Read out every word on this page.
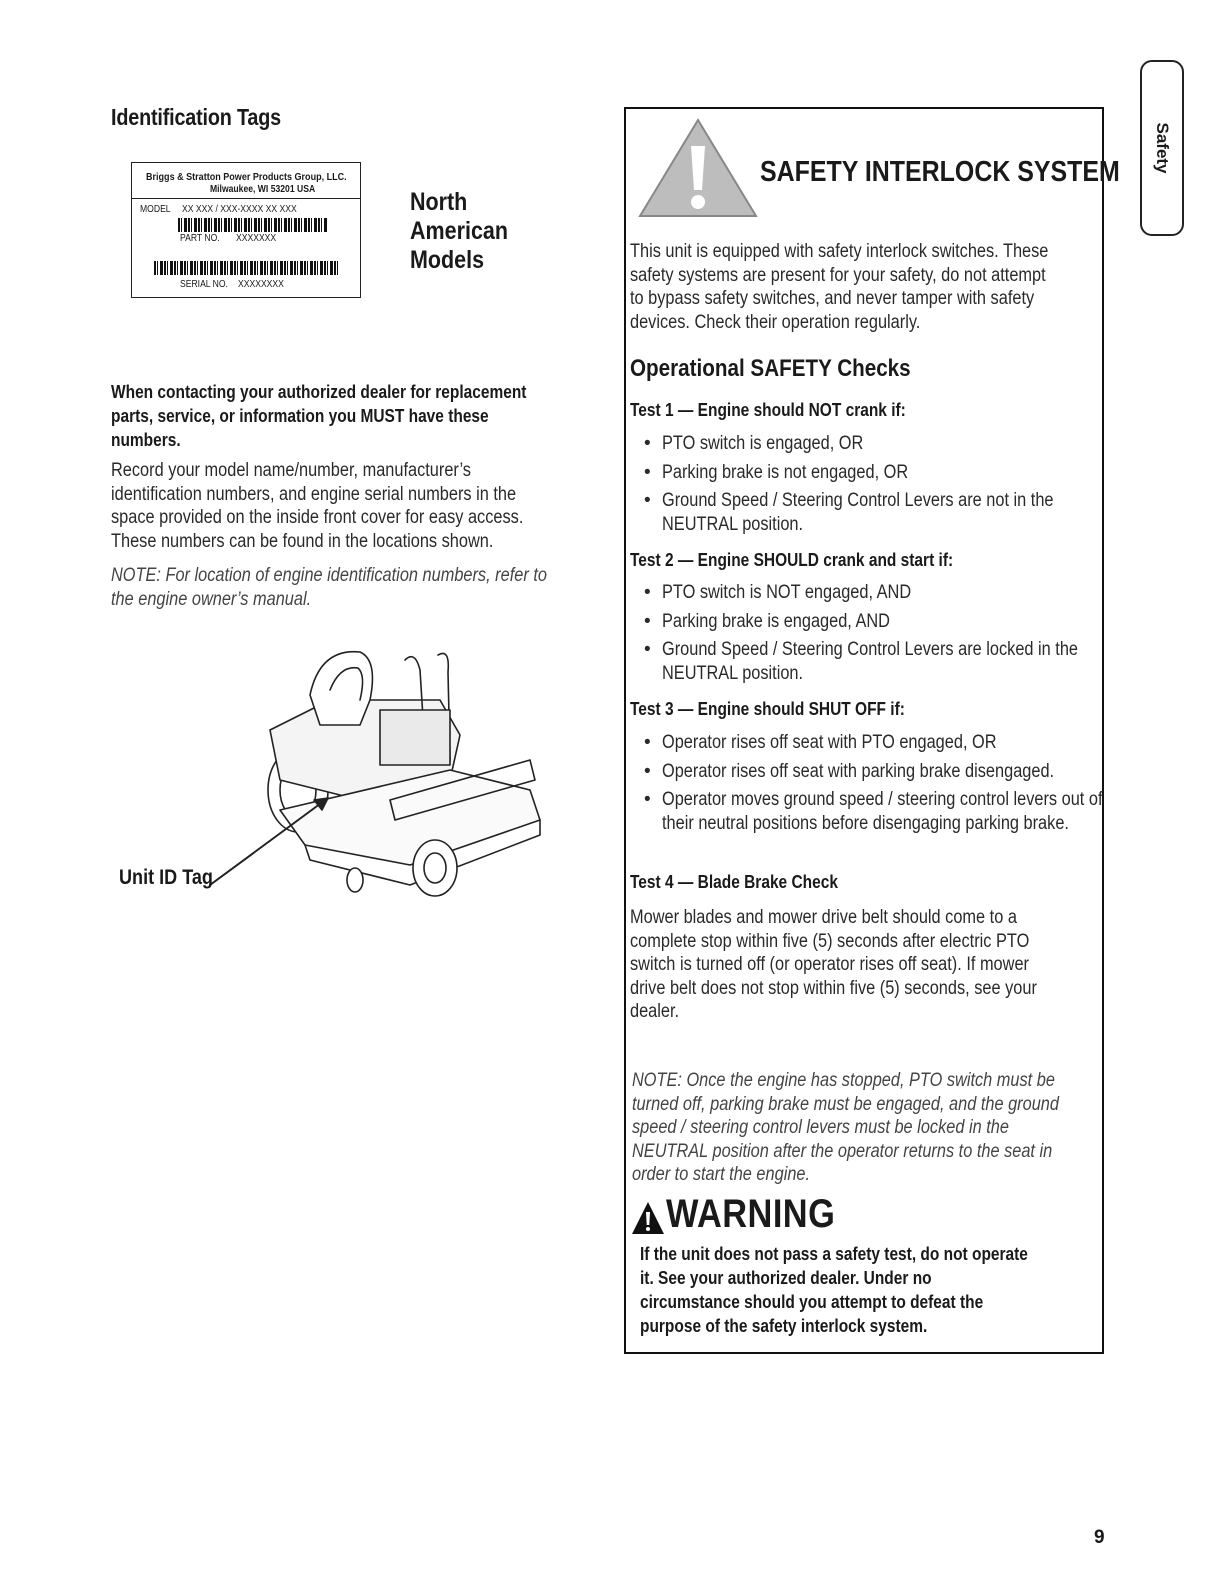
Identification Tags
Briggs & Stratton Power Products Group, LLC.
Milwaukee, WI 53201 USA
MODEL XX XXX / XXX-XXXX XX XXX
PART NO. XXXXXXX
SERIAL NO. XXXXXXXX
North American Models
When contacting your authorized dealer for replacement
parts, service, or information you MUST have these
numbers.
Record your model name/number, manufacturer’s
identification numbers, and engine serial numbers in the
space provided on the inside front cover for easy access.
These numbers can be found in the locations shown.
NOTE: For location of engine identification numbers, refer to
the engine owner’s manual.
Unit ID Tag
SAFETY INTERLOCK SYSTEM
This unit is equipped with safety interlock switches. These
safety systems are present for your safety, do not attempt
to bypass safety switches, and never tamper with safety
devices. Check their operation regularly.
Operational SAFETY Checks
Test 1 — Engine should NOT crank if:
• PTO switch is engaged, OR
• Parking brake is not engaged, OR
• Ground Speed / Steering Control Levers are not in the NEUTRAL position.
Test 2 — Engine SHOULD crank and start if:
• PTO switch is NOT engaged, AND
• Parking brake is engaged, AND
• Ground Speed / Steering Control Levers are locked in the NEUTRAL position.
Test 3 — Engine should SHUT OFF if:
• Operator rises off seat with PTO engaged, OR
• Operator rises off seat with parking brake disengaged.
• Operator moves ground speed / steering control levers out of their neutral positions before disengaging parking brake.
Test 4 — Blade Brake Check
Mower blades and mower drive belt should come to a
complete stop within five (5) seconds after electric PTO
switch is turned off (or operator rises off seat). If mower
drive belt does not stop within five (5) seconds, see your
dealer.
NOTE: Once the engine has stopped, PTO switch must be
turned off, parking brake must be engaged, and the ground
speed / steering control levers must be locked in the
NEUTRAL position after the operator returns to the seat in
order to start the engine.
WARNING
If the unit does not pass a safety test, do not operate
it. See your authorized dealer. Under no
circumstance should you attempt to defeat the
purpose of the safety interlock system.
Safety
9
